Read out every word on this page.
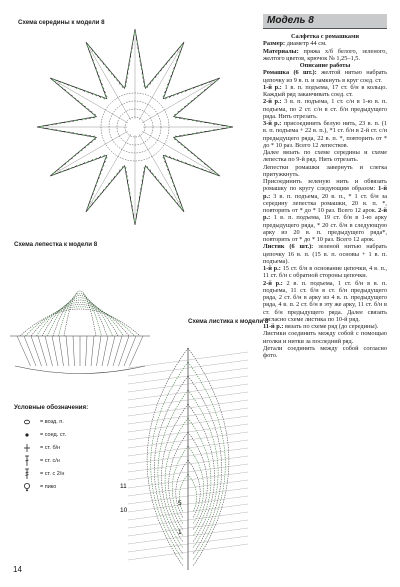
Схема середины к модели 8
Схема лепестка к модели 8
Схема листика к модели 8
1
5
11
10
Условные обозначения:
= возд. п.
= соед. ст.
= ст. б/н
= ст. с/н
= ст. с 2/н
= пико
14
Модель 8

Салфетка с ромашками

Размер: диаметр 44 см.

Материалы: пряжа х/б белого, зеленого, желтого цветов, крючок № 1,25–1,5.

Описание работы

Ромашка (6 шт.): желтой нитью набрать цепочку из 9 в. п. и замкнуть в круг соед. ст.

1-й р.: 1 в. п. подъема, 17 ст. б/н в кольцо. Каждый ряд заканчивать соед. ст.

2-й р.: 3 в. п. подъема, 1 ст. с/н в 1-ю в. п. подъема, по 2 ст. с/н в ст. б/н предыдущего ряда. Нить отрезать.

3-й р.: присоединить белую нить, 23 в. п. (1 в. п. подъема + 22 в. п.), *1 ст. б/н в 2-й ст. с/н предыдущего ряда, 22 в. п. *, повторить от * до * 10 раз. Всего 12 лепестков.

Далее вязать по схеме середины и схеме лепестка по 9-й ряд. Нить отрезать.

Лепестки ромашки завернуть и слегка притужкнуть.

Присоединить зеленую нить и обвязать ромашку по кругу следующим образом: 1-й р.: 3 в. п. подъема, 20 в. п., * 1 ст. б/н за середину лепестка ромашки, 20 в. п. *, повторить от * до * 10 раз. Всего 12 арок. 2-й р.: 1 в. п. подъема, 19 ст. б/н в 1-ю арку предыдущего ряда, * 20 ст. б/н в следующую арку из 20 в. п. предыдущего ряда*, повторить от * до * 10 раз. Всего 12 арок.

Листик (6 шт.): зеленой нитью набрать цепочку 16 в. п. (15 в. п. основы + 1 в. п. подъема).

1-й р.: 15 ст. б/н в основание цепочки, 4 в. п., 11 ст. б/н с обратной стороны цепочки.

2-й р.: 2 в. п. подъема, 1 ст. б/н в в. п. подъема, 11 ст. б/н в ст. б/н предыдущего ряда, 2 ст. б/н в арку из 4 в. п. предыдущего ряда, 4 в. п. 2 ст. б/н в эту же арку, 11 ст. б/н в ст. б/н предыдущего ряда. Далее связать согласно схеме листика по 10-й ряд.

11-й р.: вязать по схеме ряд (до середины).

Листики соединить между собой с помощью иголки и нитки за последний ряд.

Детали соединить между собой согласно фото.
